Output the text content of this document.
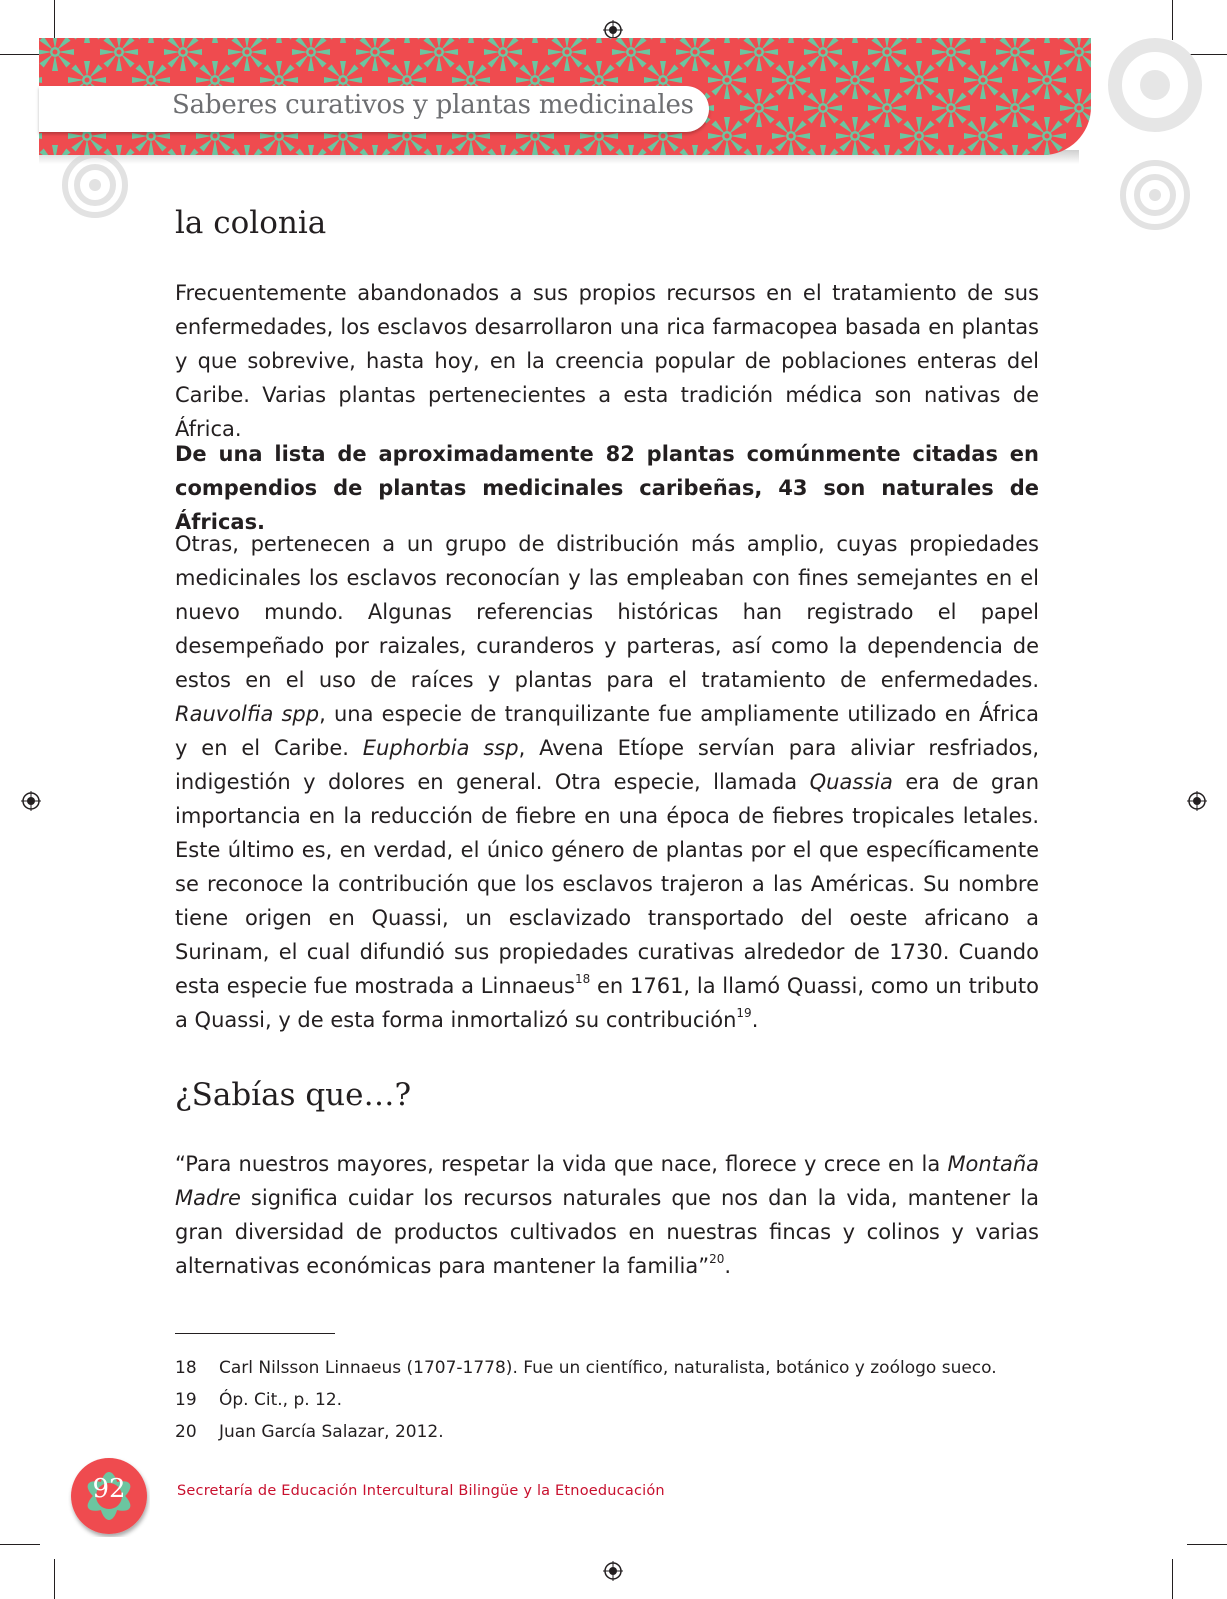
Saberes curativos y plantas medicinales
la colonia

Frecuentemente abandonados a sus propios recursos en el tratamiento de sus enfermedades, los esclavos desarrollaron una rica farmacopea basada en plantas y que sobrevive, hasta hoy, en la creencia popular de poblaciones enteras del Caribe. Varias plantas pertenecientes a esta tradición médica son nativas de África.

De una lista de aproximadamente 82 plantas comúnmente citadas en compendios de plantas medicinales caribeñas, 43 son naturales de Áfricas.

Otras, pertenecen a un grupo de distribución más amplio, cuyas propiedades medicinales los esclavos reconocían y las empleaban con fines semejantes en el nuevo mundo. Algunas referencias históricas han registrado el papel desempeñado por raizales, curanderos y parteras, así como la dependencia de estos en el uso de raíces y plantas para el tratamiento de enfermedades. Rauvolfia spp, una especie de tranquilizante fue ampliamente utilizado en África y en el Caribe. Euphorbia ssp, Avena Etíope servían para aliviar resfriados, indigestión y dolores en general. Otra especie, llamada Quassia era de gran importancia en la reducción de fiebre en una época de fiebres tropicales letales. Este último es, en verdad, el único género de plantas por el que específicamente se reconoce la contribución que los esclavos trajeron a las Américas. Su nombre tiene origen en Quassi, un esclavizado transportado del oeste africano a Surinam, el cual difundió sus propiedades curativas alrededor de 1730. Cuando esta especie fue mostrada a Linnaeus$^{18}$ en 1761, la llamó Quassi, como un tributo a Quassi, y de esta forma inmortalizó su contribución$^{19}$.

¿Sabías que…?

“Para nuestros mayores, respetar la vida que nace, florece y crece en la Montaña Madre significa cuidar los recursos naturales que nos dan la vida, mantener la gran diversidad de productos cultivados en nuestras fincas y colinos y varias alternativas económicas para mantener la familia”$^{20}$.

18 Carl Nilsson Linnaeus (1707-1778). Fue un científico, naturalista, botánico y zoólogo sueco.
19 Óp. Cit., p. 12.
20 Juan García Salazar, 2012.
92	Secretaría de Educación Intercultural Bilingüe y la Etnoeducación
